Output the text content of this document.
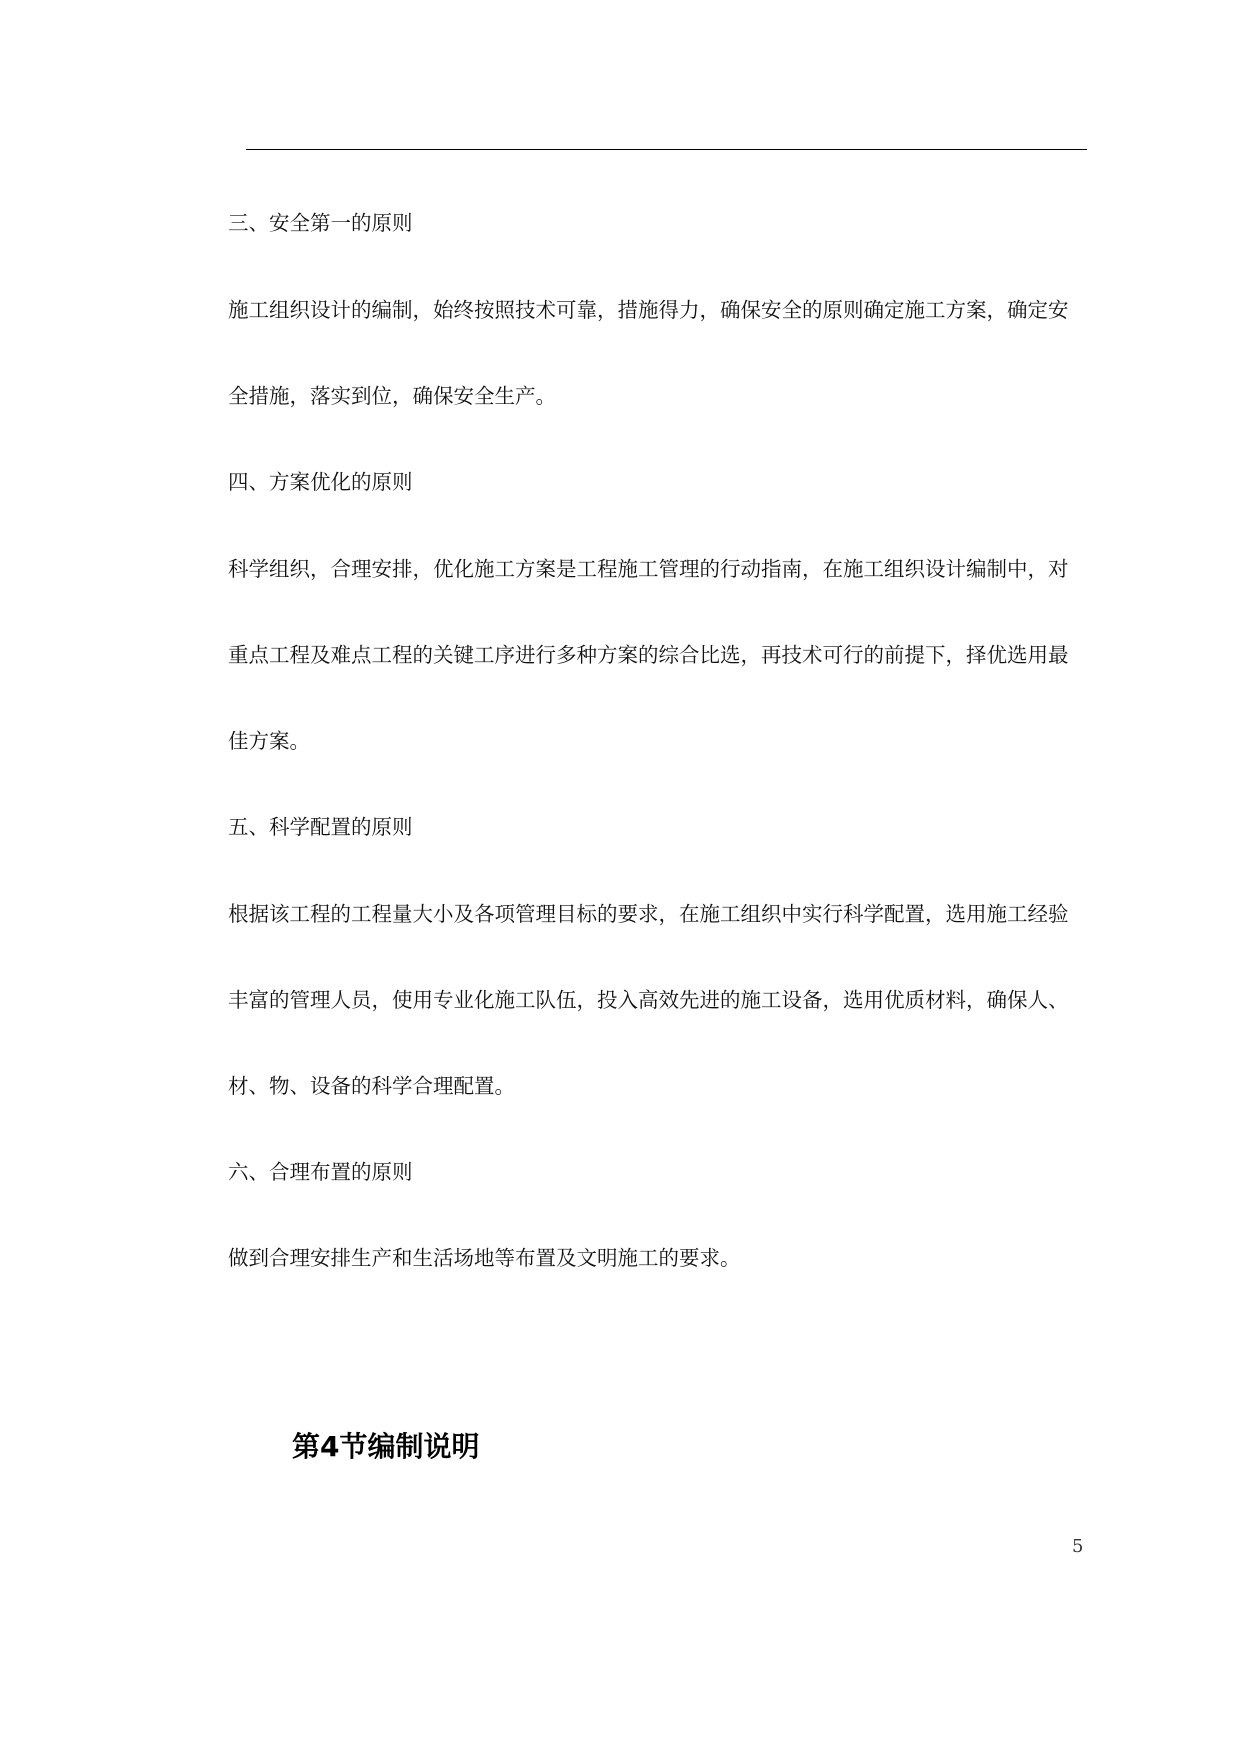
三、安全第一的原则
施工组织设计的编制，始终按照技术可靠，措施得力，确保安全的原则确定施工方案，确定安
全措施，落实到位，确保安全生产。
四、方案优化的原则
科学组织，合理安排，优化施工方案是工程施工管理的行动指南，在施工组织设计编制中，对
重点工程及难点工程的关键工序进行多种方案的综合比选，再技术可行的前提下，择优选用最
佳方案。
五、科学配置的原则
根据该工程的工程量大小及各项管理目标的要求，在施工组织中实行科学配置，选用施工经验
丰富的管理人员，使用专业化施工队伍，投入高效先进的施工设备，选用优质材料，确保人、
材、物、设备的科学合理配置。
六、合理布置的原则
做到合理安排生产和生活场地等布置及文明施工的要求。
第4节编制说明
5
